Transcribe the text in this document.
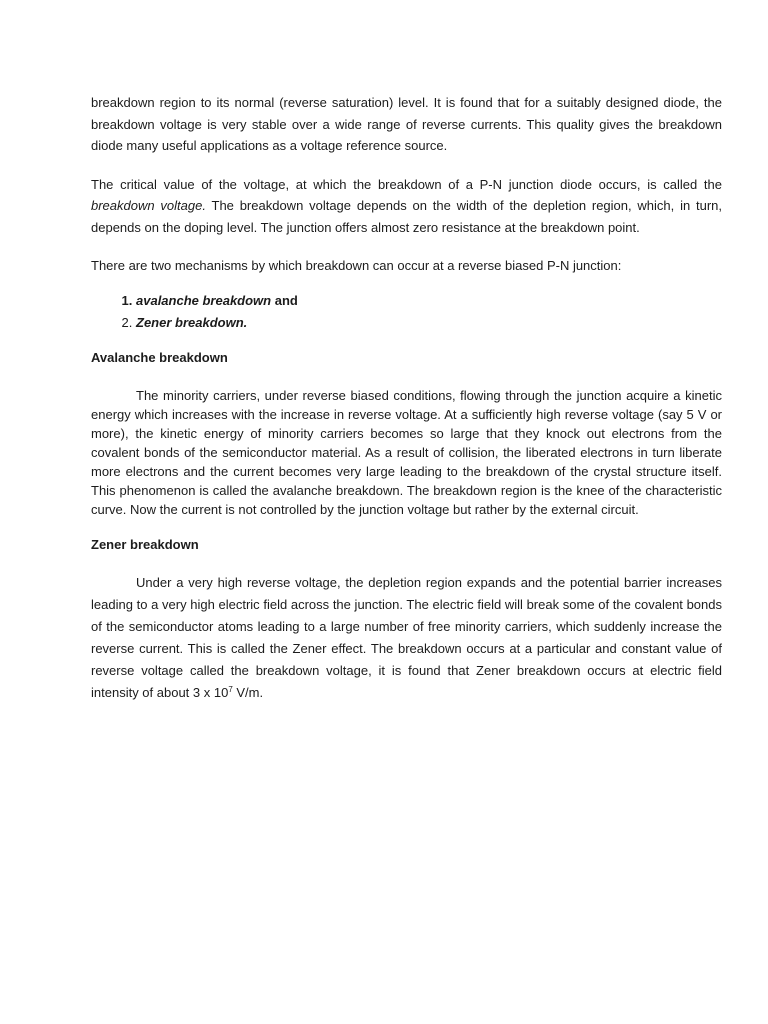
breakdown region to its normal (reverse saturation) level. It is found that for a suitably designed diode, the breakdown voltage is very stable over a wide range of reverse currents. This quality gives the breakdown diode many useful applications as a voltage reference source.

The critical value of the voltage, at which the breakdown of a P-N junction diode occurs, is called the breakdown voltage. The breakdown voltage depends on the width of the depletion region, which, in turn, depends on the doping level. The junction offers almost zero resistance at the breakdown point.

There are two mechanisms by which breakdown can occur at a reverse biased P-N junction:

1. avalanche breakdown and
2. Zener breakdown.

Avalanche breakdown

The minority carriers, under reverse biased conditions, flowing through the junction acquire a kinetic energy which increases with the increase in reverse voltage. At a sufficiently high reverse voltage (say 5 V or more), the kinetic energy of minority carriers becomes so large that they knock out electrons from the covalent bonds of the semiconductor material. As a result of collision, the liberated electrons in turn liberate more electrons and the current becomes very large leading to the breakdown of the crystal structure itself. This phenomenon is called the avalanche breakdown. The breakdown region is the knee of the characteristic curve. Now the current is not controlled by the junction voltage but rather by the external circuit.

Zener breakdown

Under a very high reverse voltage, the depletion region expands and the potential barrier increases leading to a very high electric field across the junction. The electric field will break some of the covalent bonds of the semiconductor atoms leading to a large number of free minority carriers, which suddenly increase the reverse current. This is called the Zener effect. The breakdown occurs at a particular and constant value of reverse voltage called the breakdown voltage, it is found that Zener breakdown occurs at electric field intensity of about 3 x $10^7$ V/m.
